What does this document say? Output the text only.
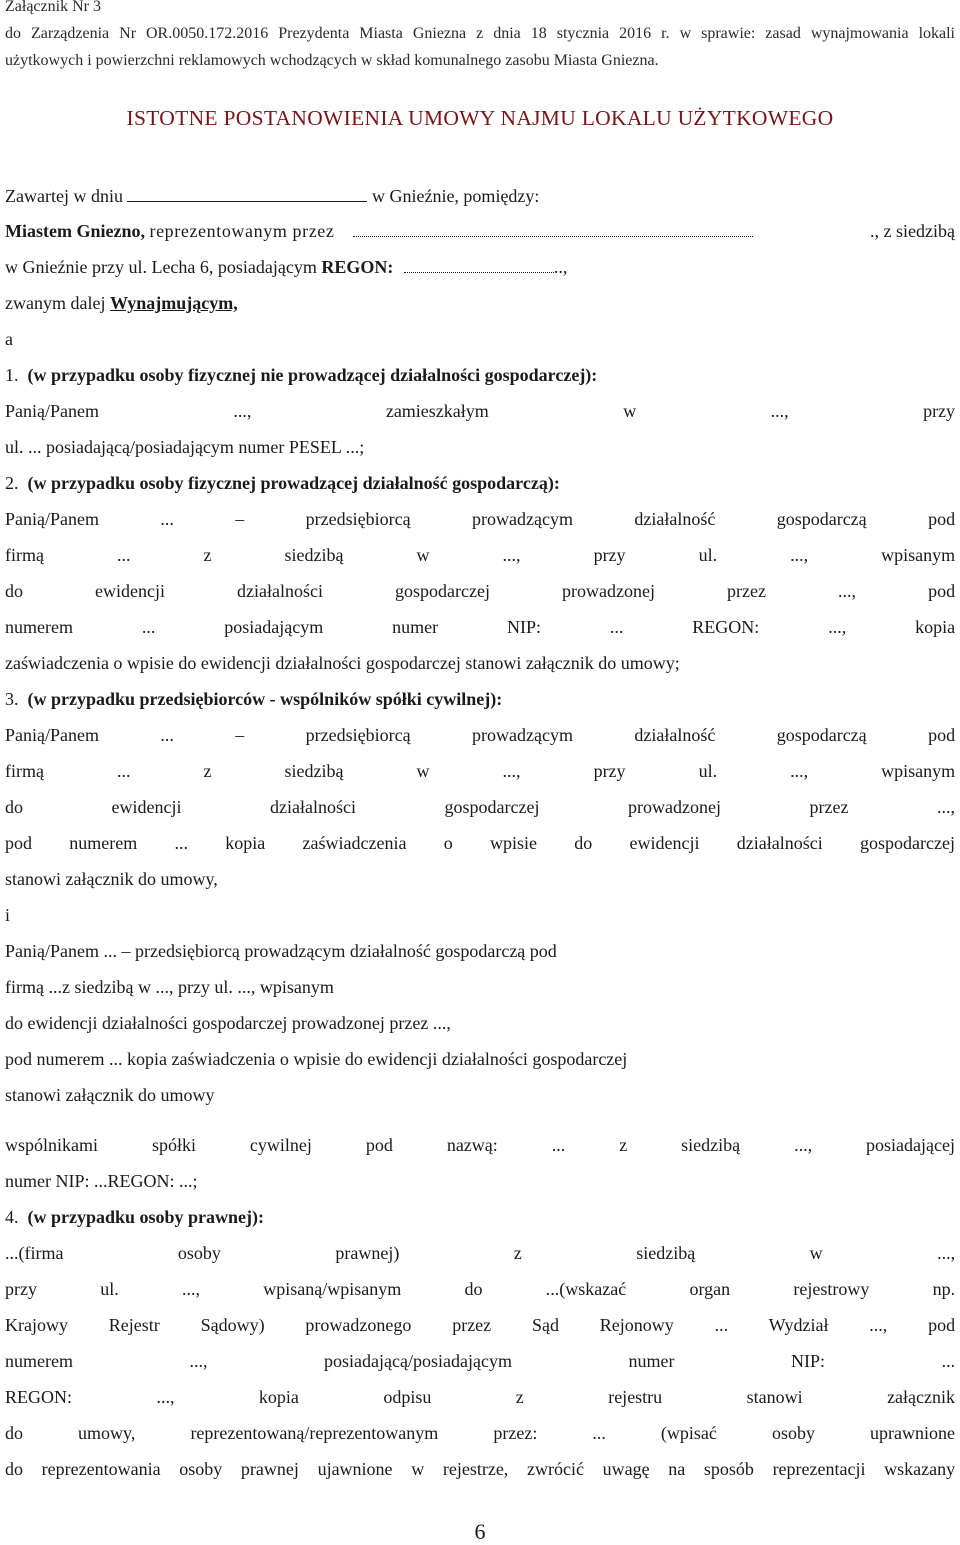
Załącznik Nr 3
do Zarządzenia Nr OR.0050.172.2016 Prezydenta Miasta Gniezna z dnia 18 stycznia 2016 r. w sprawie: zasad wynajmowania lokali
użytkowych i powierzchni reklamowych wchodzących w skład komunalnego zasobu Miasta Gniezna.
ISTOTNE POSTANOWIENIA UMOWY NAJMU LOKALU UŻYTKOWEGO
Zawartej w dniu	w Gnieźnie, pomiędzy:
Miastem Gniezno, reprezentowanym przez	., z siedzibą
w Gnieźnie przy ul. Lecha 6, posiadającym REGON:	..,
zwanym dalej Wynajmującym,
a
1. (w przypadku osoby fizycznej nie prowadzącej działalności gospodarczej):
Panią/Panem	...,	zamieszkałym	w	...,	przy
ul. ... posiadającą/posiadającym numer PESEL ...;
2. (w przypadku osoby fizycznej prowadzącej działalność gospodarczą):
Panią/Panem	...	–	przedsiębiorcą	prowadzącym	działalność	gospodarczą	pod
firmą	...	z	siedzibą	w	...,	przy	ul.	...,	wpisanym
do	ewidencji	działalności	gospodarczej	prowadzonej	przez	...,	pod
numerem	...	posiadającym	numer	NIP:	...	REGON:	...,	kopia
zaświadczenia o wpisie do ewidencji działalności gospodarczej stanowi załącznik do umowy;
3. (w przypadku przedsiębiorców - wspólników spółki cywilnej):
Panią/Panem	...	–	przedsiębiorcą	prowadzącym	działalność	gospodarczą	pod
firmą	...	z	siedzibą	w	...,	przy	ul.	...,	wpisanym
do	ewidencji	działalności	gospodarczej	prowadzonej	przez	...,
pod numerem ... kopia zaświadczenia o wpisie do ewidencji działalności gospodarczej
stanowi załącznik do umowy,
i
Panią/Panem ... – przedsiębiorcą prowadzącym działalność gospodarczą pod
firmą ...z siedzibą w ..., przy ul. ..., wpisanym
do ewidencji działalności gospodarczej prowadzonej przez ...,
pod numerem ... kopia zaświadczenia o wpisie do ewidencji działalności gospodarczej
stanowi załącznik do umowy
wspólnikami	spółki	cywilnej	pod	nazwą:	...	z	siedzibą	...,	posiadającej
numer NIP: ...REGON: ...;
4. (w przypadku osoby prawnej):
...(firma	osoby	prawnej)	z	siedzibą	w	...,
przy	ul.	...,	wpisaną/wpisanym	do	...(wskazać	organ	rejestrowy	np.
Krajowy Rejestr Sądowy) prowadzonego przez Sąd Rejonowy ... Wydział ..., pod
numerem	...,	posiadającą/posiadającym	numer	NIP:	...
REGON:	...,	kopia	odpisu	z	rejestru	stanowi	załącznik
do	umowy,	reprezentowaną/reprezentowanym	przez:	...	(wpisać	osoby	uprawnione
do reprezentowania osoby prawnej ujawnione w rejestrze, zwrócić uwagę na sposób reprezentacji wskazany
6
